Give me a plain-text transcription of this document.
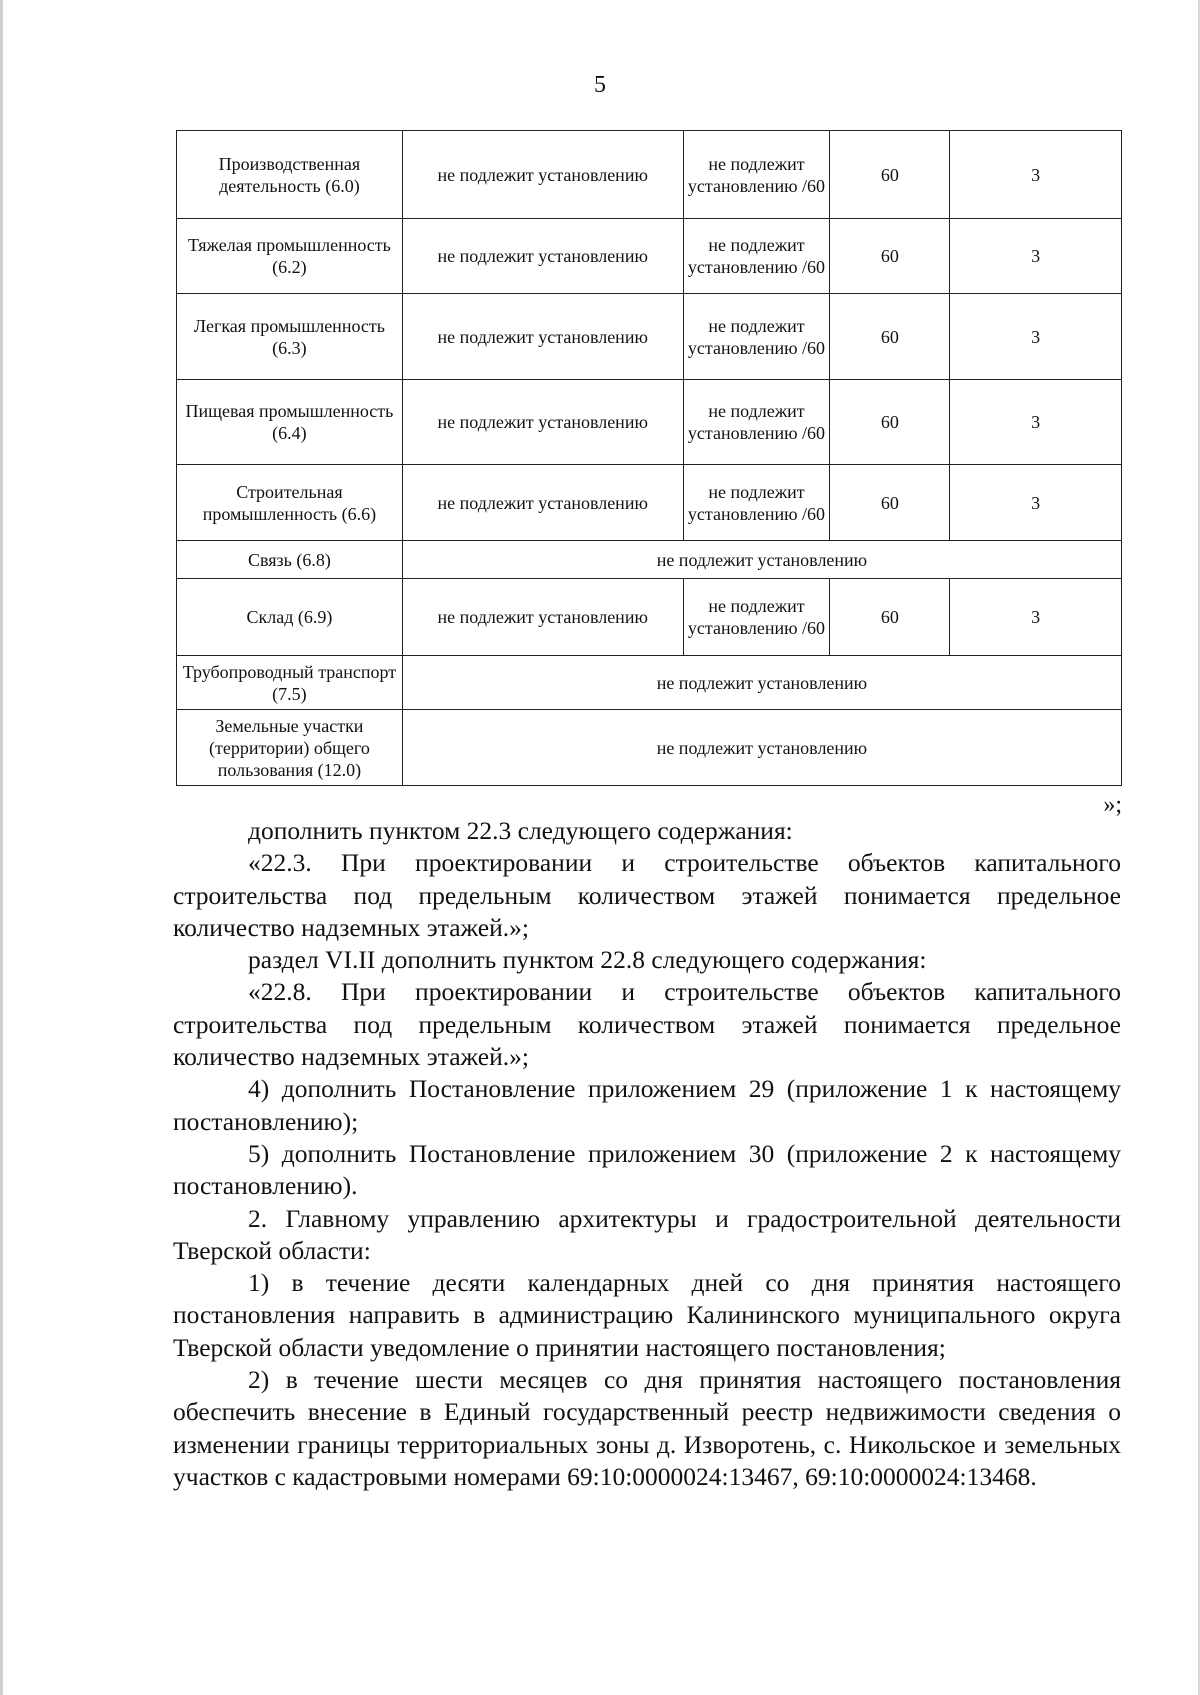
5
Производственная деятельность (6.0)	не подлежит установлению	не подлежит установлению /60	60	3
Тяжелая промышленность (6.2)	не подлежит установлению	не подлежит установлению /60	60	3
Легкая промышленность (6.3)	не подлежит установлению	не подлежит установлению /60	60	3
Пищевая промышленность (6.4)	не подлежит установлению	не подлежит установлению /60	60	3
Строительная промышленность (6.6)	не подлежит установлению	не подлежит установлению /60	60	3
Связь (6.8)	не подлежит установлению			
Склад (6.9)	не подлежит установлению	не подлежит установлению /60	60	3
Трубопроводный транспорт (7.5)	не подлежит установлению			
Земельные участки (территории) общего пользования (12.0)	не подлежит установлению			
»;

дополнить пунктом 22.3 следующего содержания:

«22.3. При проектировании и строительстве объектов капитального строительства под предельным количеством этажей понимается предельное количество надземных этажей.»;

раздел VI.II дополнить пунктом 22.8 следующего содержания:

«22.8. При проектировании и строительстве объектов капитального строительства под предельным количеством этажей понимается предельное количество надземных этажей.»;

4) дополнить Постановление приложением 29 (приложение 1 к настоящему постановлению);

5) дополнить Постановление приложением 30 (приложение 2 к настоящему постановлению).

2. Главному управлению архитектуры и градостроительной деятельности Тверской области:

1) в течение десяти календарных дней со дня принятия настоящего постановления направить в администрацию Калининского муниципального округа Тверской области уведомление о принятии настоящего постановления;

2) в течение шести месяцев со дня принятия настоящего постановления обеспечить внесение в Единый государственный реестр недвижимости сведения о изменении границы территориальных зоны д. Изворотень, с. Никольское и земельных участков с кадастровыми номерами 69:10:0000024:13467, 69:10:0000024:13468.
